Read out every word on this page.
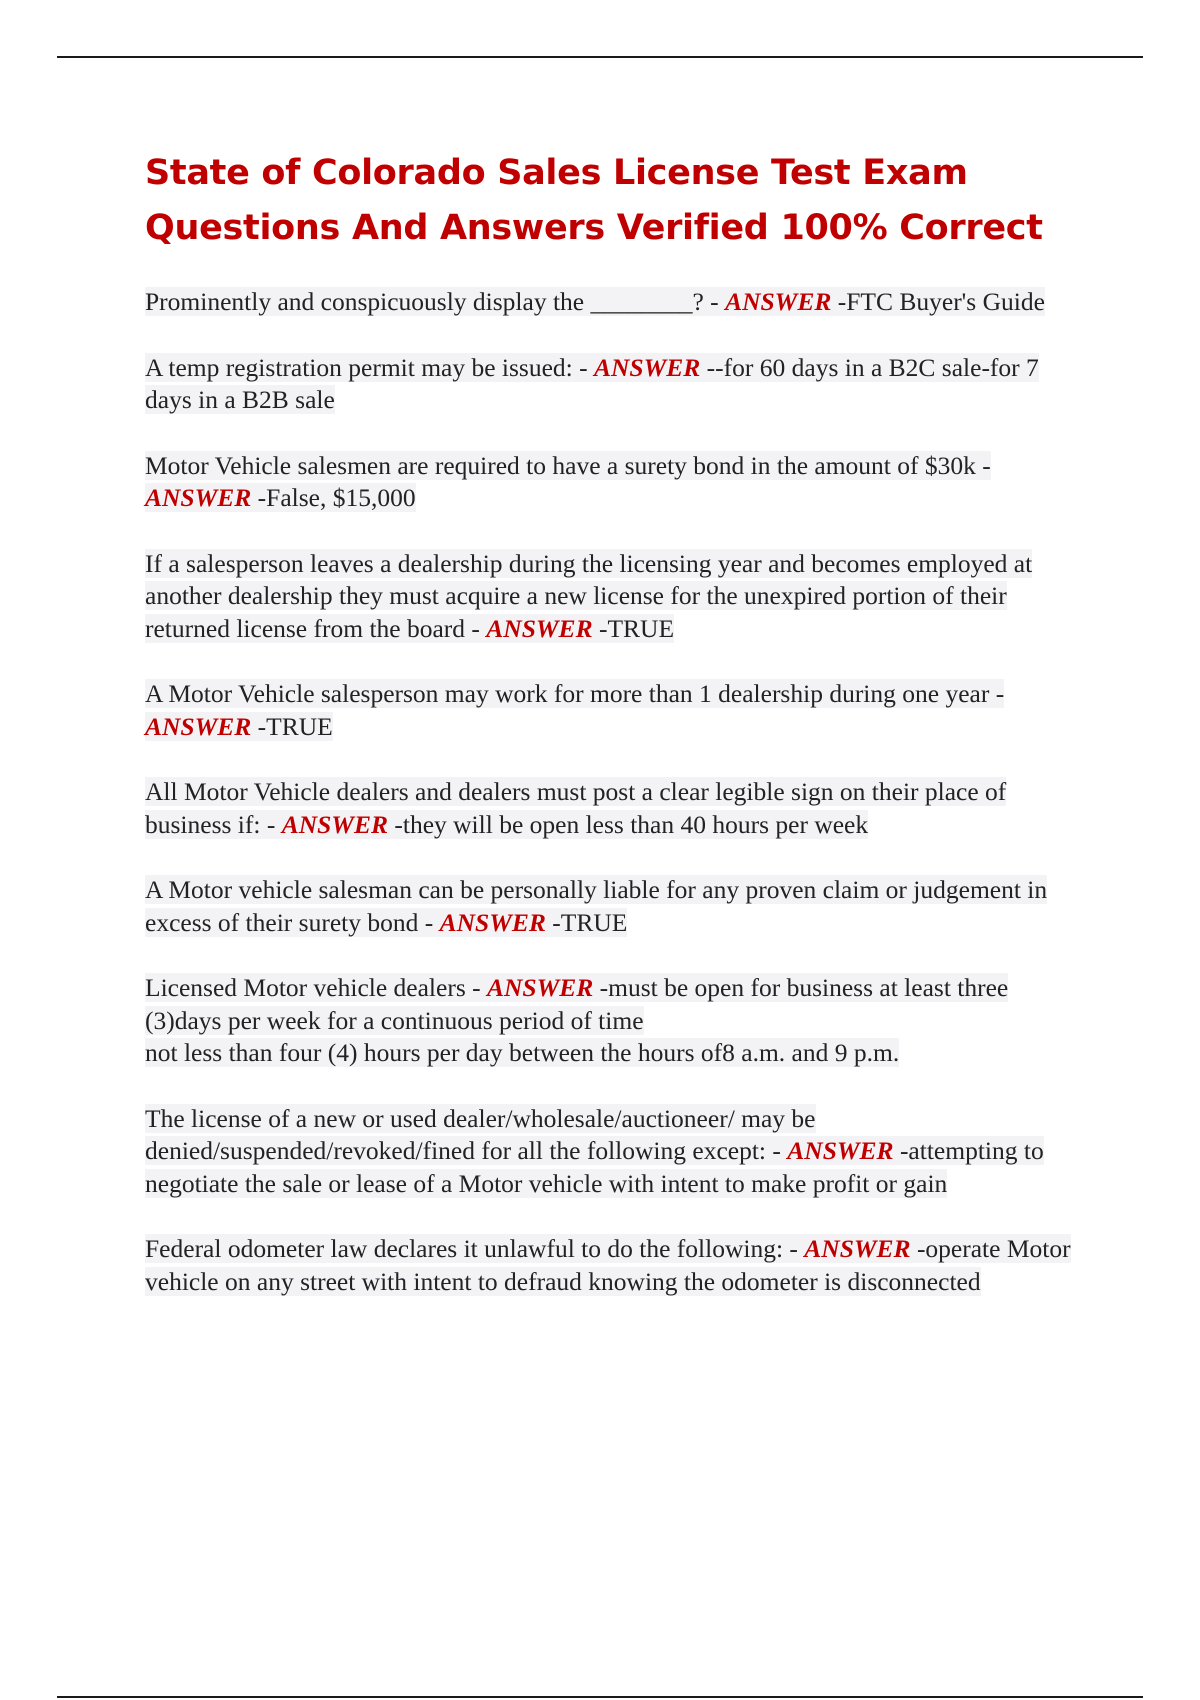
State of Colorado Sales License Test Exam
Questions And Answers Verified 100% Correct

Prominently and conspicuously display the ________? - ANSWER -FTC Buyer's Guide

A temp registration permit may be issued: - ANSWER --for 60 days in a B2C sale-for 7 days in a B2B sale

Motor Vehicle salesmen are required to have a surety bond in the amount of $30k - ANSWER -False, $15,000

If a salesperson leaves a dealership during the licensing year and becomes employed at another dealership they must acquire a new license for the unexpired portion of their returned license from the board - ANSWER -TRUE

A Motor Vehicle salesperson may work for more than 1 dealership during one year - ANSWER -TRUE

All Motor Vehicle dealers and dealers must post a clear legible sign on their place of business if: - ANSWER -they will be open less than 40 hours per week

A Motor vehicle salesman can be personally liable for any proven claim or judgement in excess of their surety bond - ANSWER -TRUE

Licensed Motor vehicle dealers - ANSWER -must be open for business at least three (3)days per week for a continuous period of time
not less than four (4) hours per day between the hours of8 a.m. and 9 p.m.

The license of a new or used dealer/wholesale/auctioneer/ may be denied/suspended/revoked/fined for all the following except: - ANSWER -attempting to negotiate the sale or lease of a Motor vehicle with intent to make profit or gain

Federal odometer law declares it unlawful to do the following: - ANSWER -operate Motor vehicle on any street with intent to defraud knowing the odometer is disconnected
